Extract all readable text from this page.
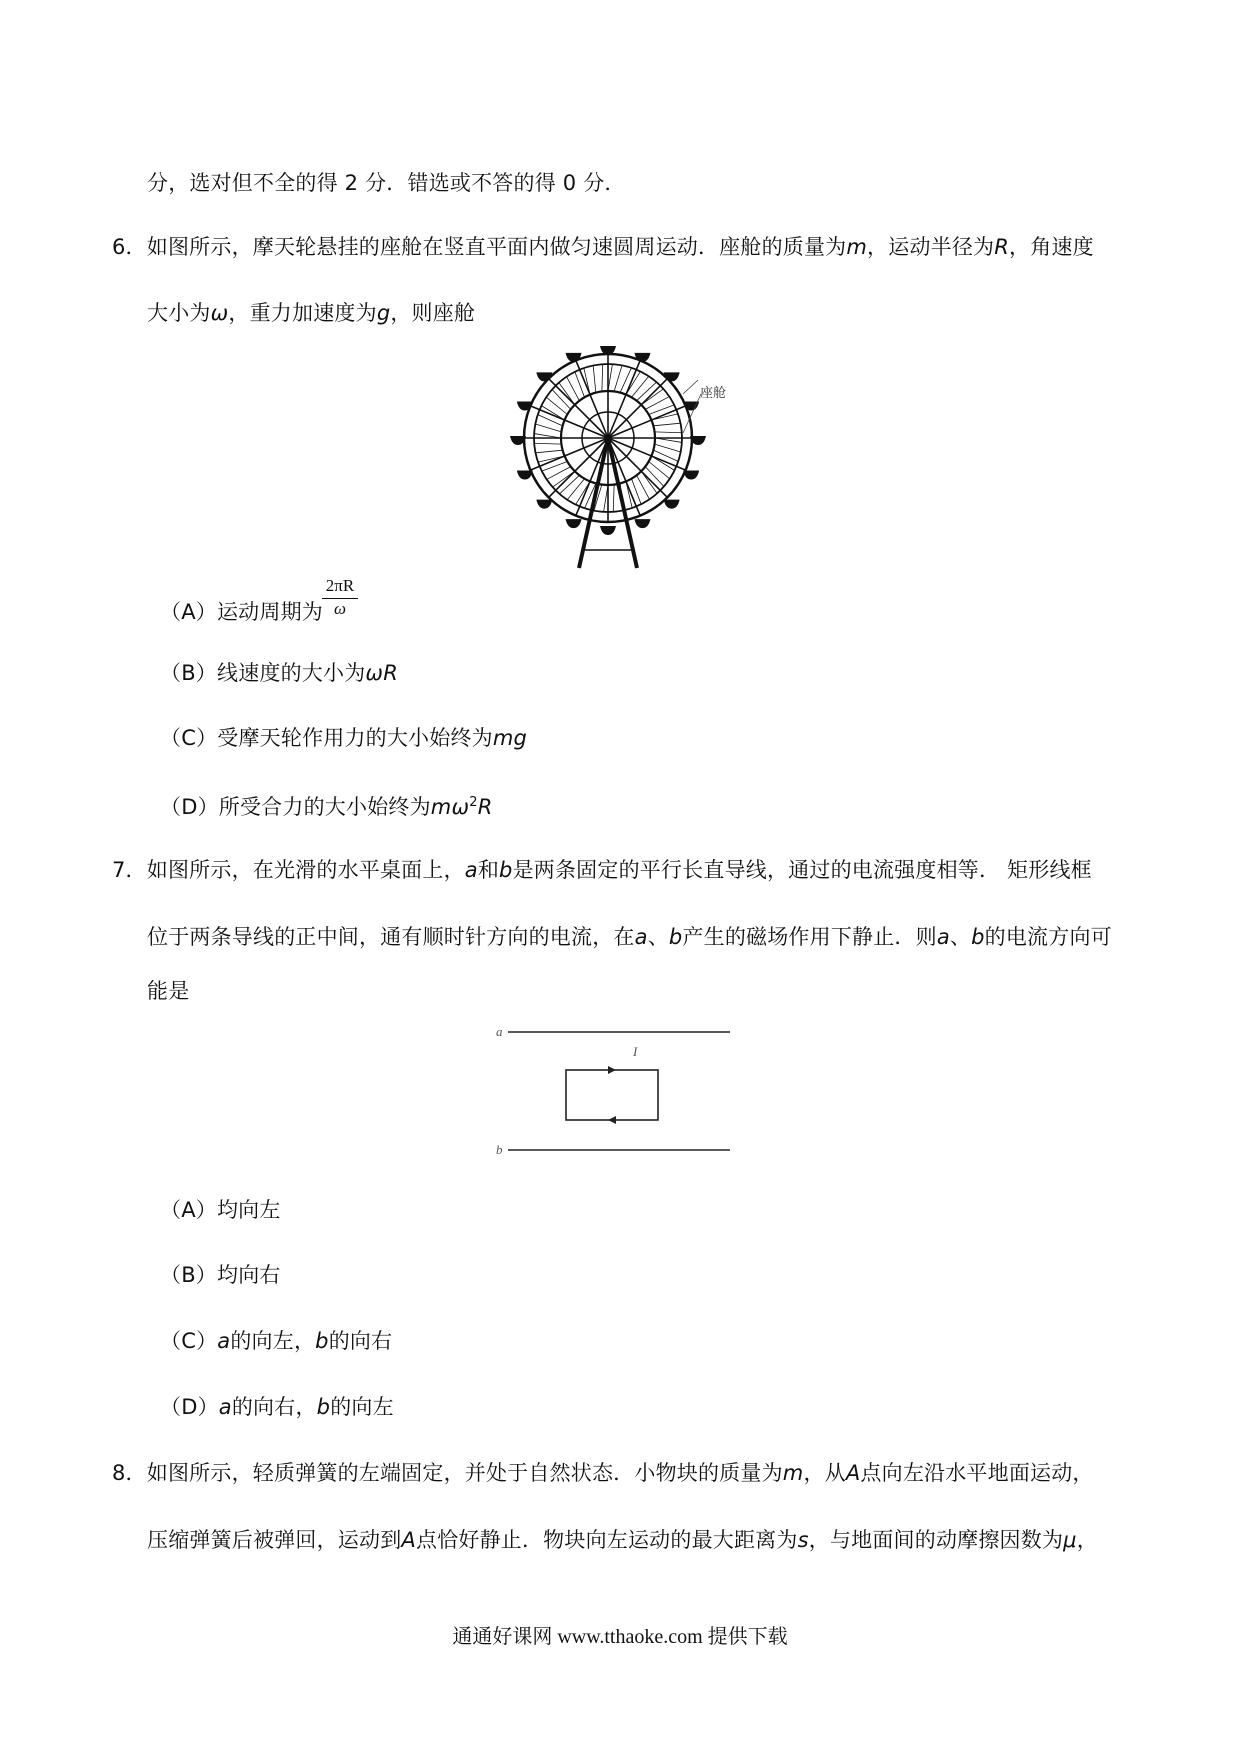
分，选对但不全的得 2 分．错选或不答的得 0 分．
6．如图所示，摩天轮悬挂的座舱在竖直平面内做匀速圆周运动．座舱的质量为m，运动半径为R，角速度
大小为ω，重力加速度为g，则座舱
座舱
（A）运动周期为
2πR
ω
（B）线速度的大小为ωR
（C）受摩天轮作用力的大小始终为mg
（D）所受合力的大小始终为$m\omega^2R$
7．如图所示，在光滑的水平桌面上，a和b是两条固定的平行长直导线，通过的电流强度相等． 矩形线框
位于两条导线的正中间，通有顺时针方向的电流，在a、b产生的磁场作用下静止．则a、b的电流方向可
能是
a
b
I
（A）均向左
（B）均向右
（C）a的向左，b的向右
（D）a的向右，b的向左
8．如图所示，轻质弹簧的左端固定，并处于自然状态．小物块的质量为m，从A点向左沿水平地面运动，
压缩弹簧后被弹回，运动到A点恰好静止．物块向左运动的最大距离为s，与地面间的动摩擦因数为μ，
通通好课网 www.tthaoke.com 提供下载
